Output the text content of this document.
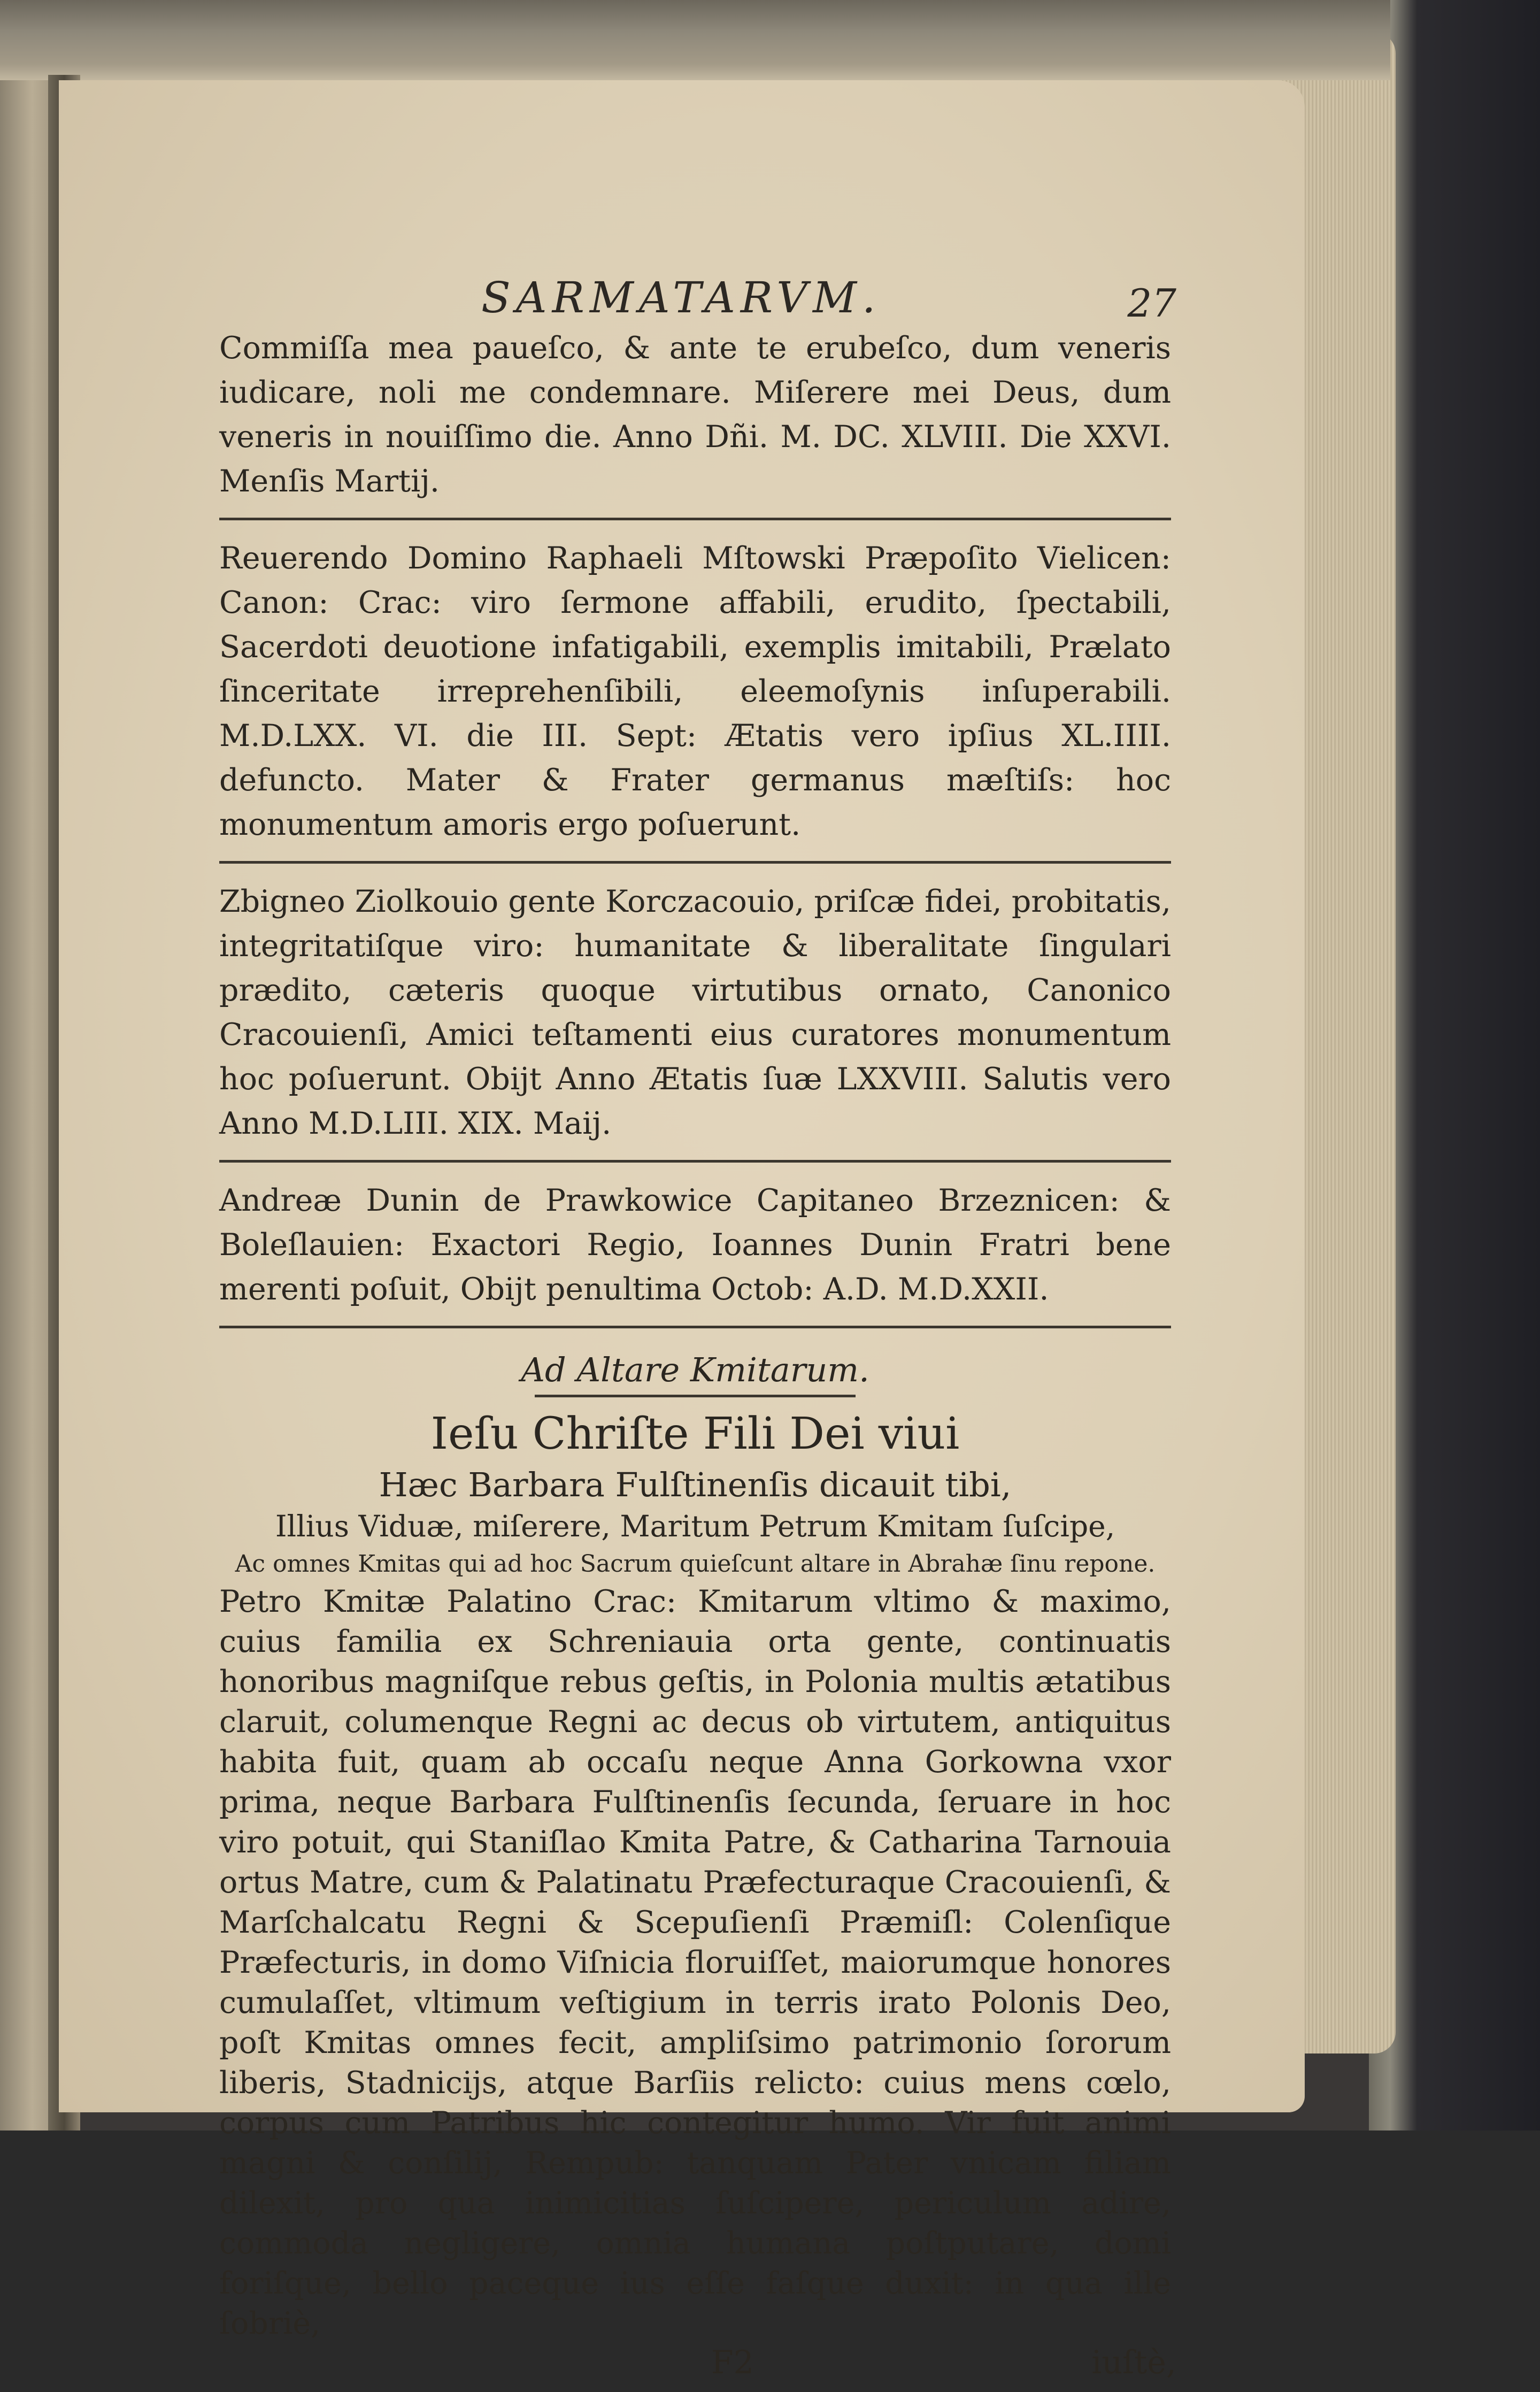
SARMATARVM.	27

Commiſſa mea paueſco, & ante te erubeſco, dum veneris iudicare, noli me condemnare. Miſerere mei Deus, dum veneris in nouiſſimo die. Anno Dñi. M. DC. XLVIII. Die XXVI. Menſis Martij.

Reuerendo Domino Raphaeli Mſtowski Præpoſito Vielicen: Canon: Crac: viro ſermone affabili, erudito, ſpectabili, Sacerdoti deuotione infatigabili, exemplis imitabili, Prælato ſinceritate irreprehenſibili, eleemoſynis inſuperabili. M.D.LXX. VI. die III. Sept: Ætatis vero ipſius XL.IIII. defuncto. Mater & Frater germanus mæſtiſs: hoc monumentum amoris ergo poſuerunt.

Zbigneo Ziolkouio gente Korczacouio, priſcæ fidei, probitatis, integritatiſque viro: humanitate & liberalitate ſingulari prædito, cæteris quoque virtutibus ornato, Canonico Cracouienſi, Amici teſtamenti eius curatores monumentum hoc poſuerunt. Obijt Anno Ætatis ſuæ LXXVIII. Salutis vero Anno M.D.LIII. XIX. Maij.

Andreæ Dunin de Prawkowice Capitaneo Brzeznicen: & Boleſlauien: Exactori Regio, Ioannes Dunin Fratri bene merenti poſuit, Obijt penultima Octob: A.D. M.D.XXII.

Ad Altare Kmitarum.
Ieſu Chriſte Fili Dei viui
Hæc Barbara Fulſtinenſis dicauit tibi,
Illius Viduæ, miſerere, Maritum Petrum Kmitam ſuſcipe,
Ac omnes Kmitas qui ad hoc Sacrum quieſcunt altare in Abrahæ ſinu repone.

Petro Kmitæ Palatino Crac: Kmitarum vltimo & maximo, cuius familia ex Schreniauia orta gente, continuatis honoribus magniſque rebus geſtis, in Polonia multis ætatibus claruit, columenque Regni ac decus ob virtutem, antiquitus habita fuit, quam ab occaſu neque Anna Gorkowna vxor prima, neque Barbara Fulſtinenſis ſecunda, ſeruare in hoc viro potuit, qui Staniſlao Kmita Patre, & Catharina Tarnouia ortus Matre, cum & Palatinatu Præfecturaque Cracouienſi, & Marſchalcatu Regni & Scepuſienſi Præmiſl: Colenſique Præfecturis, in domo Viſnicia floruiſſet, maiorumque honores cumulaſſet, vltimum veſtigium in terris irato Polonis Deo, poſt Kmitas omnes fecit, ampliſsimo patrimonio ſororum liberis, Stadnicijs, atque Barſiis relicto: cuius mens cœlo, corpus cum Patribus hic contegitur humo. Vir fuit animi magni & conſilij, Rempub: tanquam Pater vnicam filiam dilexit, pro qua inimicitias ſuſcipere, periculum adire, commoda negligere, omnia humana poſtputare, domi foriſque, bello paceque ius eſſe faſque duxit: in qua ille ſobriè,

F2	iuſtè,
